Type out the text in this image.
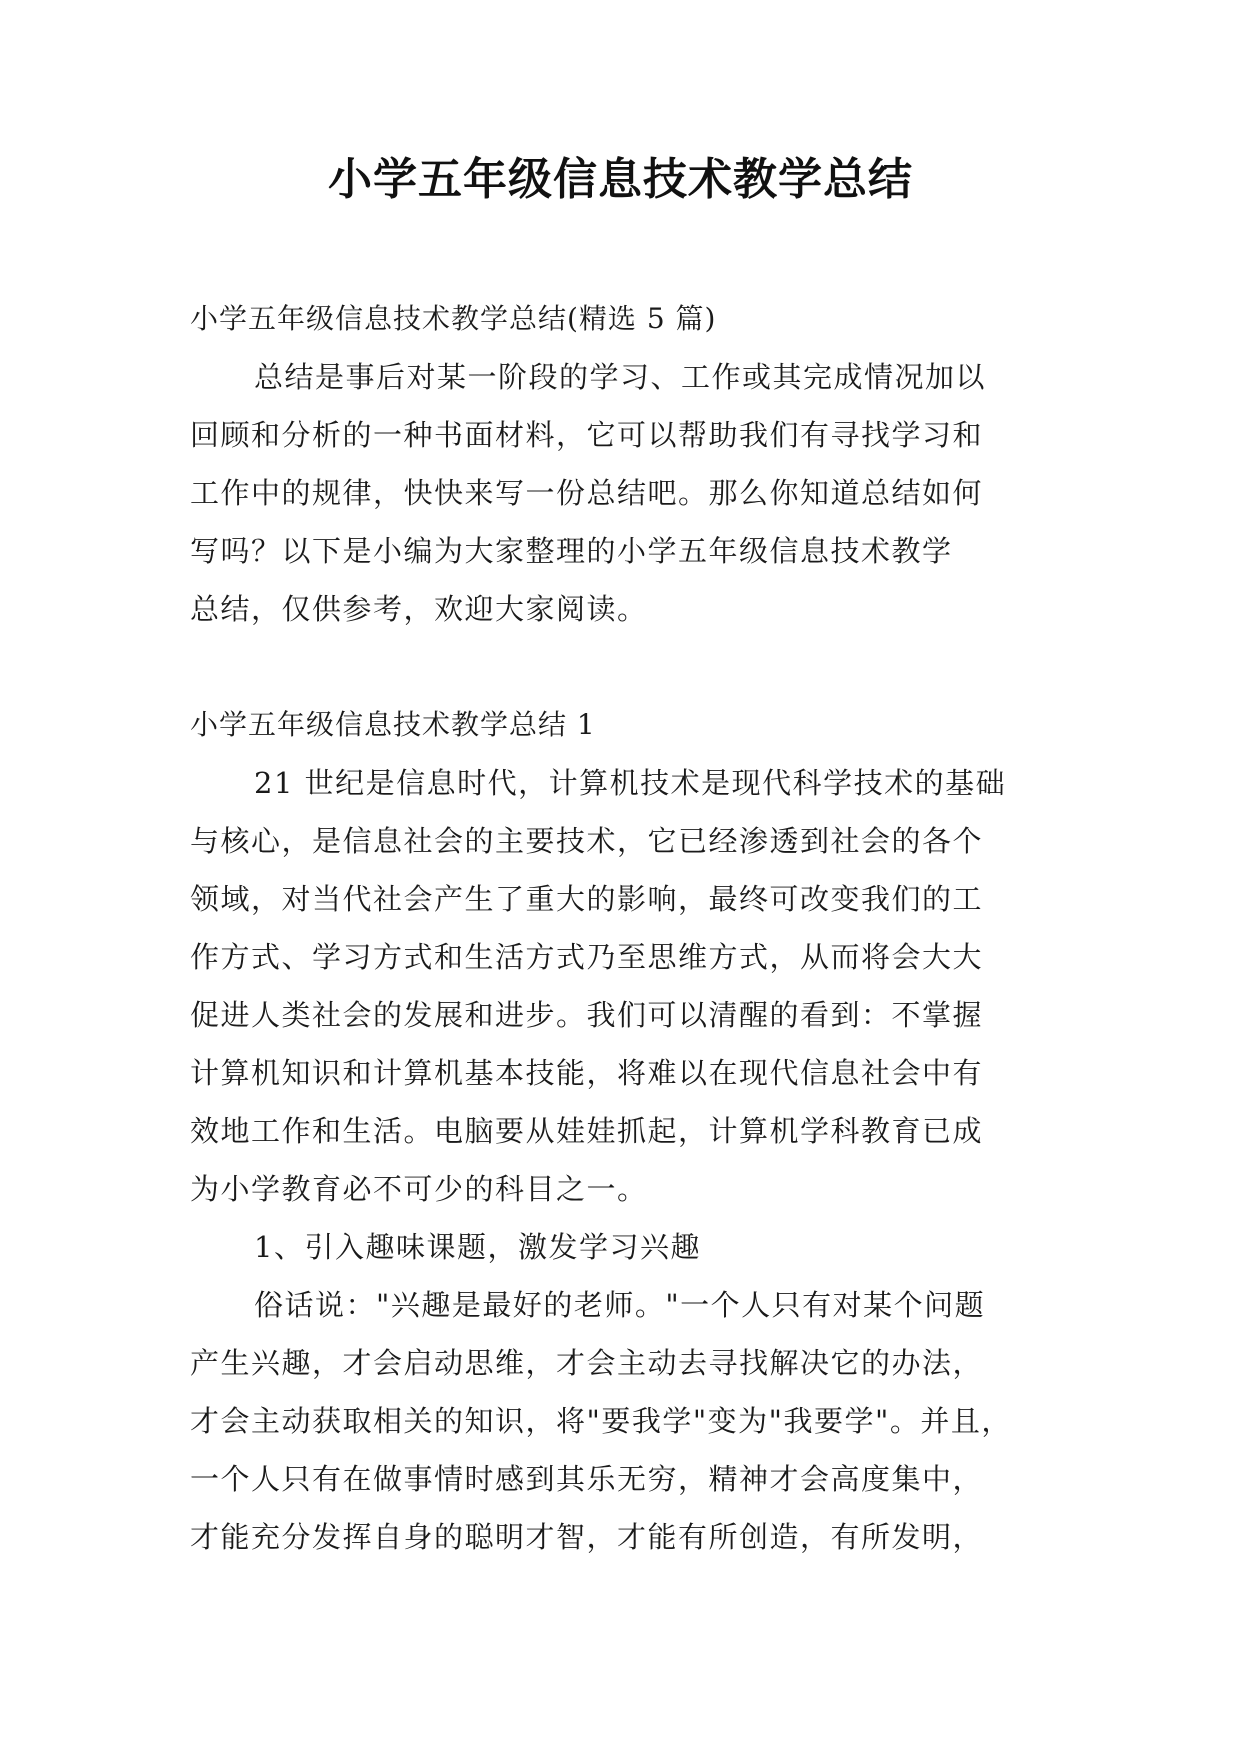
小学五年级信息技术教学总结
小学五年级信息技术教学总结(精选 5 篇)
总结是事后对某一阶段的学习、工作或其完成情况加以
回顾和分析的一种书面材料，它可以帮助我们有寻找学习和
工作中的规律，快快来写一份总结吧。那么你知道总结如何
写吗？以下是小编为大家整理的小学五年级信息技术教学
总结，仅供参考，欢迎大家阅读。
小学五年级信息技术教学总结 1
21 世纪是信息时代，计算机技术是现代科学技术的基础
与核心，是信息社会的主要技术，它已经渗透到社会的各个
领域，对当代社会产生了重大的影响，最终可改变我们的工
作方式、学习方式和生活方式乃至思维方式，从而将会大大
促进人类社会的发展和进步。我们可以清醒的看到：不掌握
计算机知识和计算机基本技能，将难以在现代信息社会中有
效地工作和生活。电脑要从娃娃抓起，计算机学科教育已成
为小学教育必不可少的科目之一。
1、引入趣味课题，激发学习兴趣
俗话说："兴趣是最好的老师。"一个人只有对某个问题
产生兴趣，才会启动思维，才会主动去寻找解决它的办法，
才会主动获取相关的知识，将"要我学"变为"我要学"。并且，
一个人只有在做事情时感到其乐无穷，精神才会高度集中，
才能充分发挥自身的聪明才智，才能有所创造，有所发明，
